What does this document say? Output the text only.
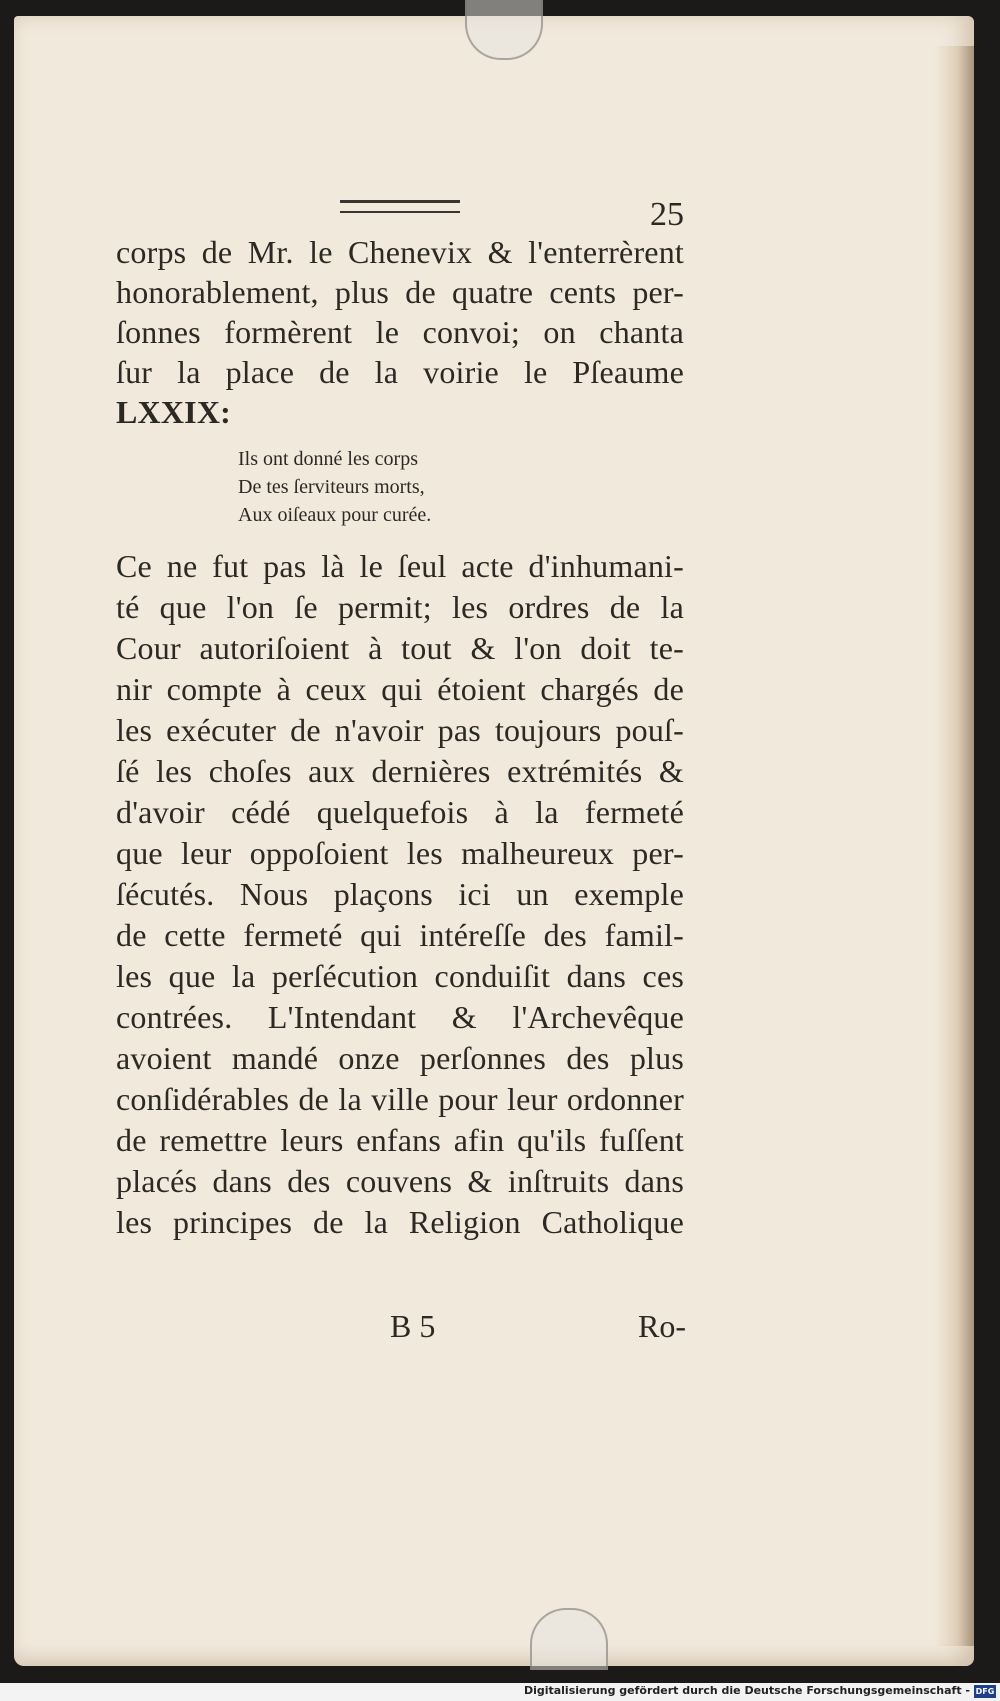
25
corps de Mr. le Chenevix & l'enterrèrent
honorablement, plus de quatre cents per-
ſonnes formèrent le convoi; on chanta
ſur la place de la voirie le Pſeaume
LXXIX:
Ils ont donné les corps
De tes ſerviteurs morts,
Aux oiſeaux pour curée.
Ce ne fut pas là le ſeul acte d'inhumani-
té que l'on ſe permit; les ordres de la
Cour autoriſoient à tout & l'on doit te-
nir compte à ceux qui étoient chargés de
les exécuter de n'avoir pas toujours pouſ-
ſé les choſes aux dernières extrémités &
d'avoir cédé quelquefois à la fermeté
que leur oppoſoient les malheureux per-
ſécutés. Nous plaçons ici un exemple
de cette fermeté qui intéreſſe des famil-
les que la perſécution conduiſit dans ces
contrées. L'Intendant & l'Archevêque
avoient mandé onze perſonnes des plus
conſidérables de la ville pour leur ordonner
de remettre leurs enfans afin qu'ils fuſſent
placés dans des couvens & inſtruits dans
les principes de la Religion Catholique
B 5	Ro-
Digitalisierung gefördert durch die Deutsche Forschungsgemeinschaft - DFG
